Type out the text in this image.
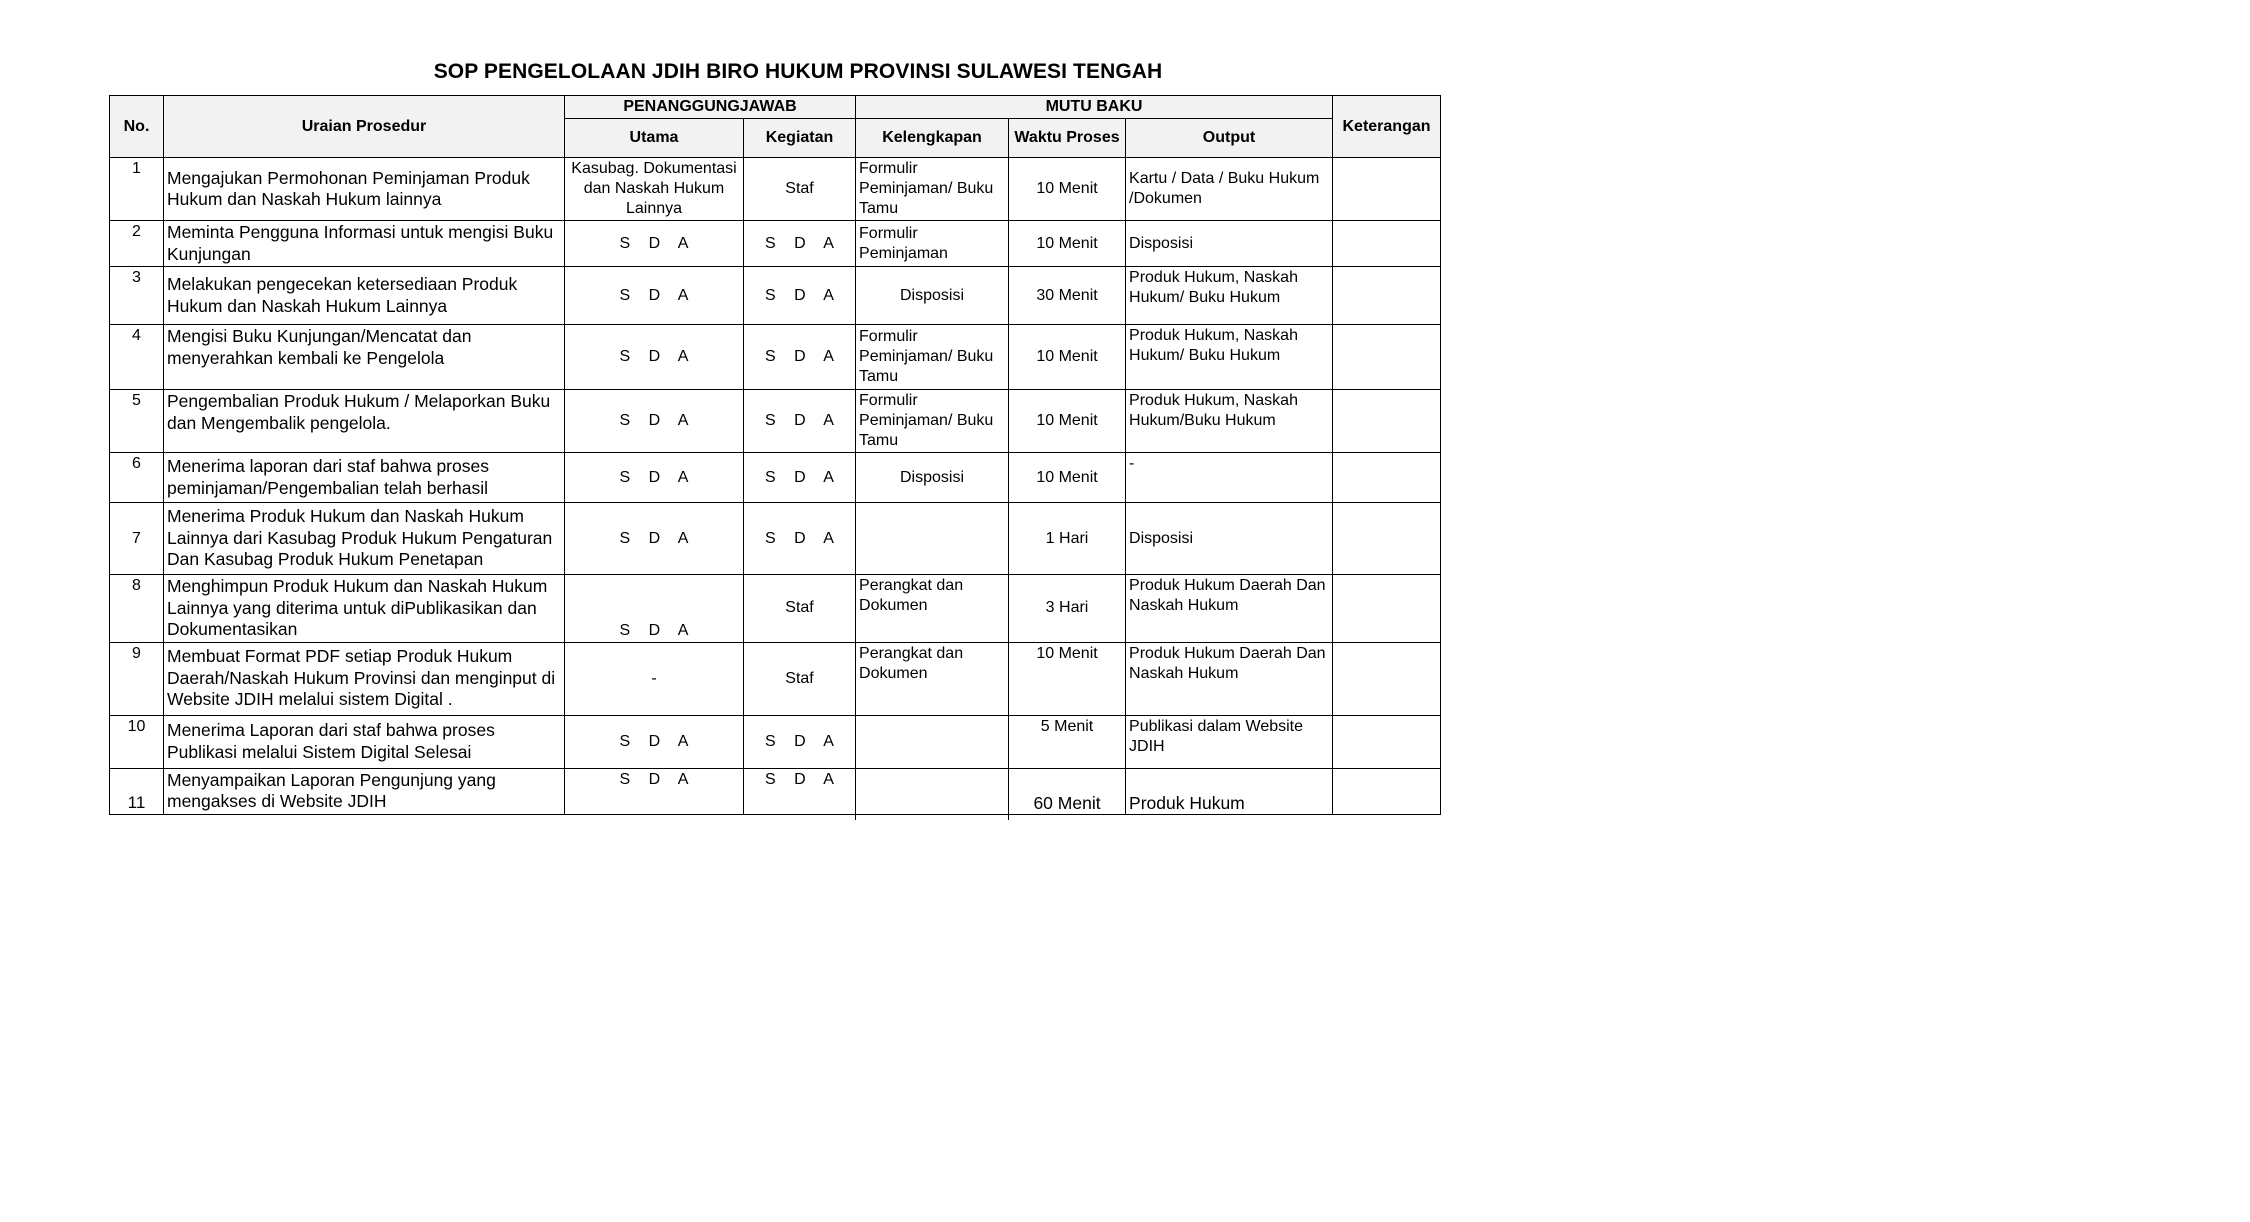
SOP PENGELOLAAN JDIH BIRO HUKUM PROVINSI SULAWESI TENGAH
No.	Uraian Prosedur	PENANGGUNGJAWAB		MUTU BAKU			Keterangan
		Utama	Kegiatan	Kelengkapan	Waktu Proses	Output	
1	Mengajukan Permohonan Peminjaman Produk Hukum dan Naskah Hukum lainnya	Kasubag. Dokumentasi dan Naskah Hukum Lainnya	Staf	Formulir Peminjaman/ Buku Tamu	10 Menit	Kartu / Data / Buku Hukum /Dokumen	
2	Meminta Pengguna Informasi untuk mengisi Buku Kunjungan	S D A	S D A	Formulir Peminjaman	10 Menit	Disposisi	
3	Melakukan pengecekan ketersediaan Produk Hukum dan Naskah Hukum Lainnya	S D A	S D A	Disposisi	30 Menit	Produk Hukum, Naskah Hukum/ Buku Hukum	
4	Mengisi Buku Kunjungan/Mencatat dan menyerahkan kembali ke Pengelola	S D A	S D A	Formulir Peminjaman/ Buku Tamu	10 Menit	Produk Hukum, Naskah Hukum/ Buku Hukum	
5	Pengembalian Produk Hukum / Melaporkan Buku dan Mengembalik pengelola.	S D A	S D A	Formulir Peminjaman/ Buku Tamu	10 Menit	Produk Hukum, Naskah Hukum/Buku Hukum	
6	Menerima laporan dari staf bahwa proses peminjaman/Pengembalian telah berhasil	S D A	S D A	Disposisi	10 Menit	-	
7	Menerima Produk Hukum dan Naskah Hukum Lainnya dari Kasubag Produk Hukum Pengaturan Dan Kasubag Produk Hukum Penetapan	S D A	S D A		1 Hari	Disposisi	
8	Menghimpun Produk Hukum dan Naskah Hukum Lainnya yang diterima untuk diPublikasikan dan Dokumentasikan	S D A	Staf	Perangkat dan Dokumen	3 Hari	Produk Hukum Daerah Dan Naskah Hukum	
9	Membuat Format PDF setiap Produk Hukum Daerah/Naskah Hukum Provinsi dan menginput di Website JDIH melalui sistem Digital .	-	Staf	Perangkat dan Dokumen	10 Menit	Produk Hukum Daerah Dan Naskah Hukum	
10	Menerima Laporan dari staf bahwa proses Publikasi melalui Sistem Digital Selesai	S D A	S D A		5 Menit	Publikasi dalam Website JDIH	
11	Menyampaikan Laporan Pengunjung yang mengakses di Website JDIH	S D A	S D A		60 Menit	Produk Hukum	
